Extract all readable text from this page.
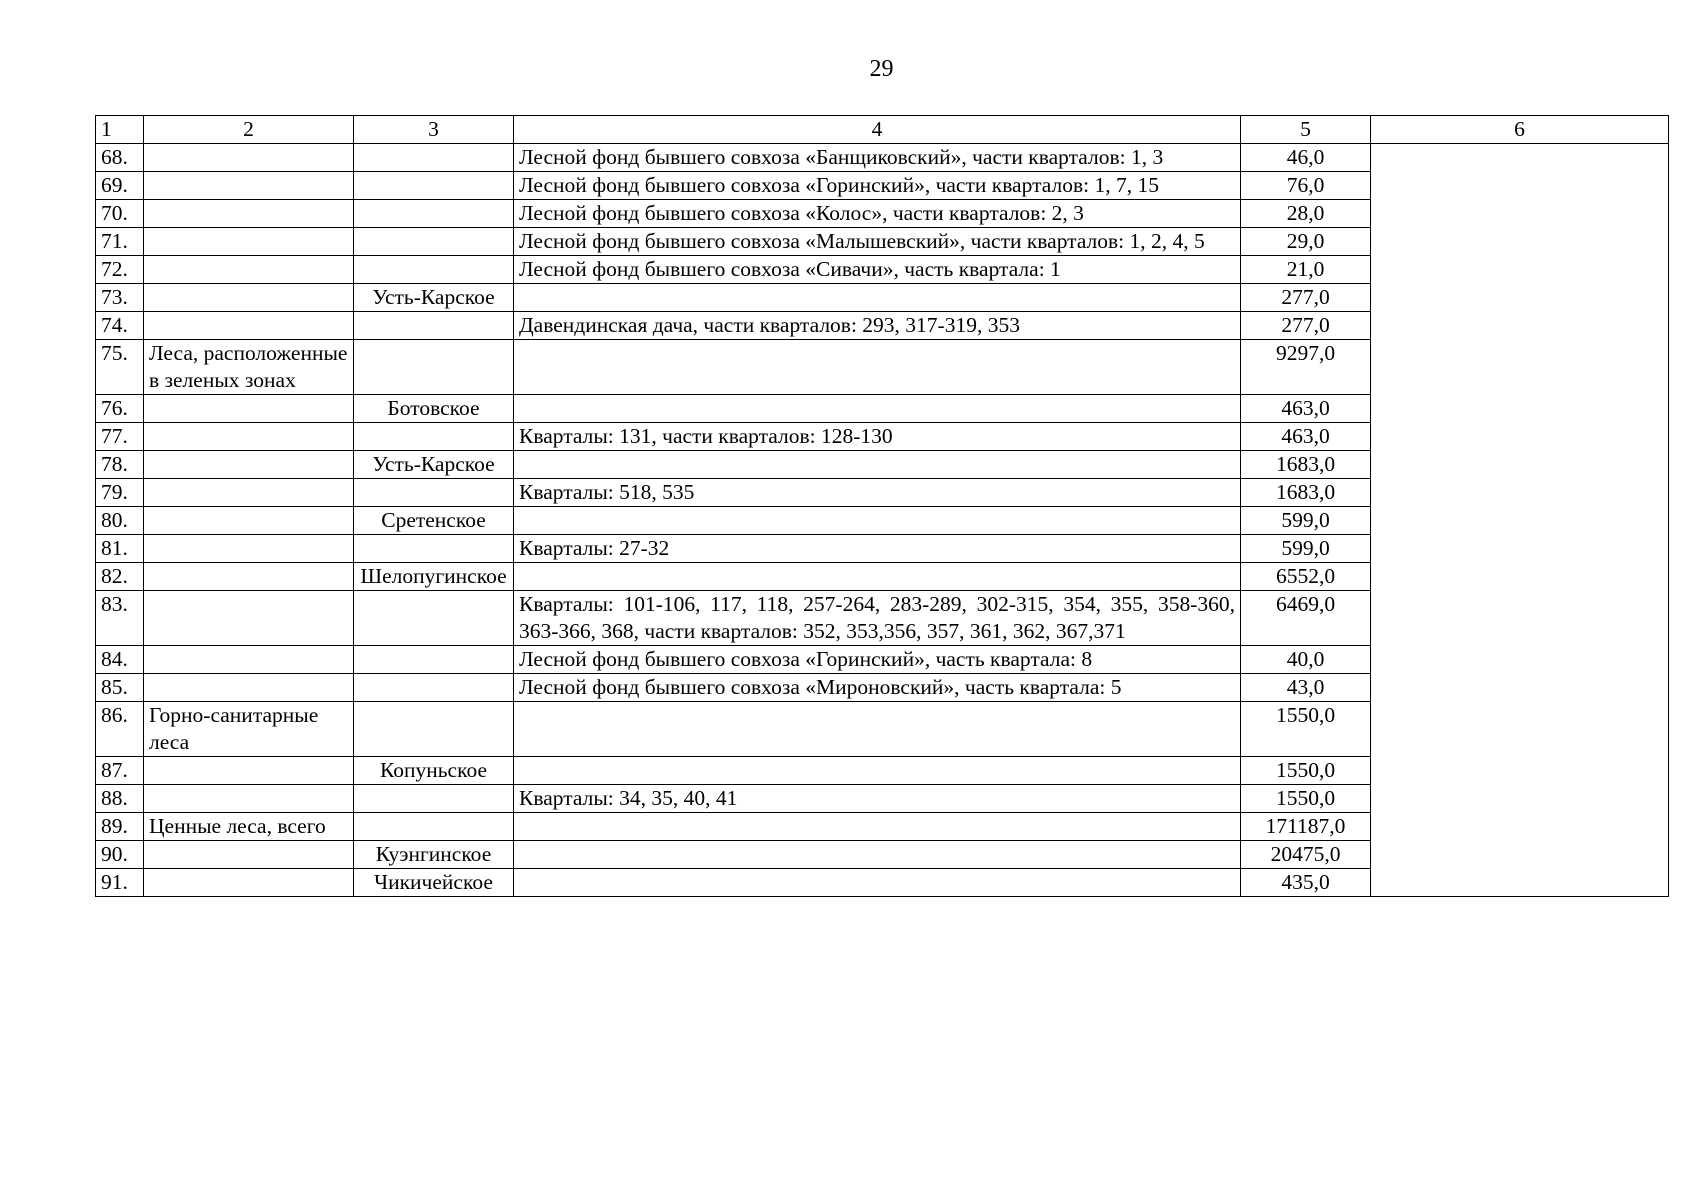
29
1	2	3	4	5	6
68.			Лесной фонд бывшего совхоза «Банщиковский», части кварталов: 1, 3	46,0	
69.			Лесной фонд бывшего совхоза «Горинский», части кварталов: 1, 7, 15	76,0	
70.			Лесной фонд бывшего совхоза «Колос», части кварталов: 2, 3	28,0	
71.			Лесной фонд бывшего совхоза «Малышевский», части кварталов: 1, 2, 4, 5	29,0	
72.			Лесной фонд бывшего совхоза «Сивачи», часть квартала: 1	21,0	
73.		Усть-Карское		277,0	
74.			Давендинская дача, части кварталов: 293, 317-319, 353	277,0	
75.	Леса, расположенные в зеленых зонах			9297,0	
76.		Ботовское		463,0	
77.			Кварталы: 131, части кварталов: 128-130	463,0	
78.		Усть-Карское		1683,0	
79.			Кварталы: 518, 535	1683,0	
80.		Сретенское		599,0	
81.			Кварталы: 27-32	599,0	
82.		Шелопугинское		6552,0	
83.			Кварталы: 101-106, 117, 118, 257-264, 283-289, 302-315, 354, 355, 358-360, 363-366, 368, части кварталов: 352, 353,356, 357, 361, 362, 367,371	6469,0	
84.			Лесной фонд бывшего совхоза «Горинский», часть квартала: 8	40,0	
85.			Лесной фонд бывшего совхоза «Мироновский», часть квартала: 5	43,0	
86.	Горно-санитарные леса			1550,0	
87.		Копуньское		1550,0	
88.			Кварталы: 34, 35, 40, 41	1550,0	
89.	Ценные леса, всего			171187,0	
90.		Куэнгинское		20475,0	
91.		Чикичейское		435,0	
